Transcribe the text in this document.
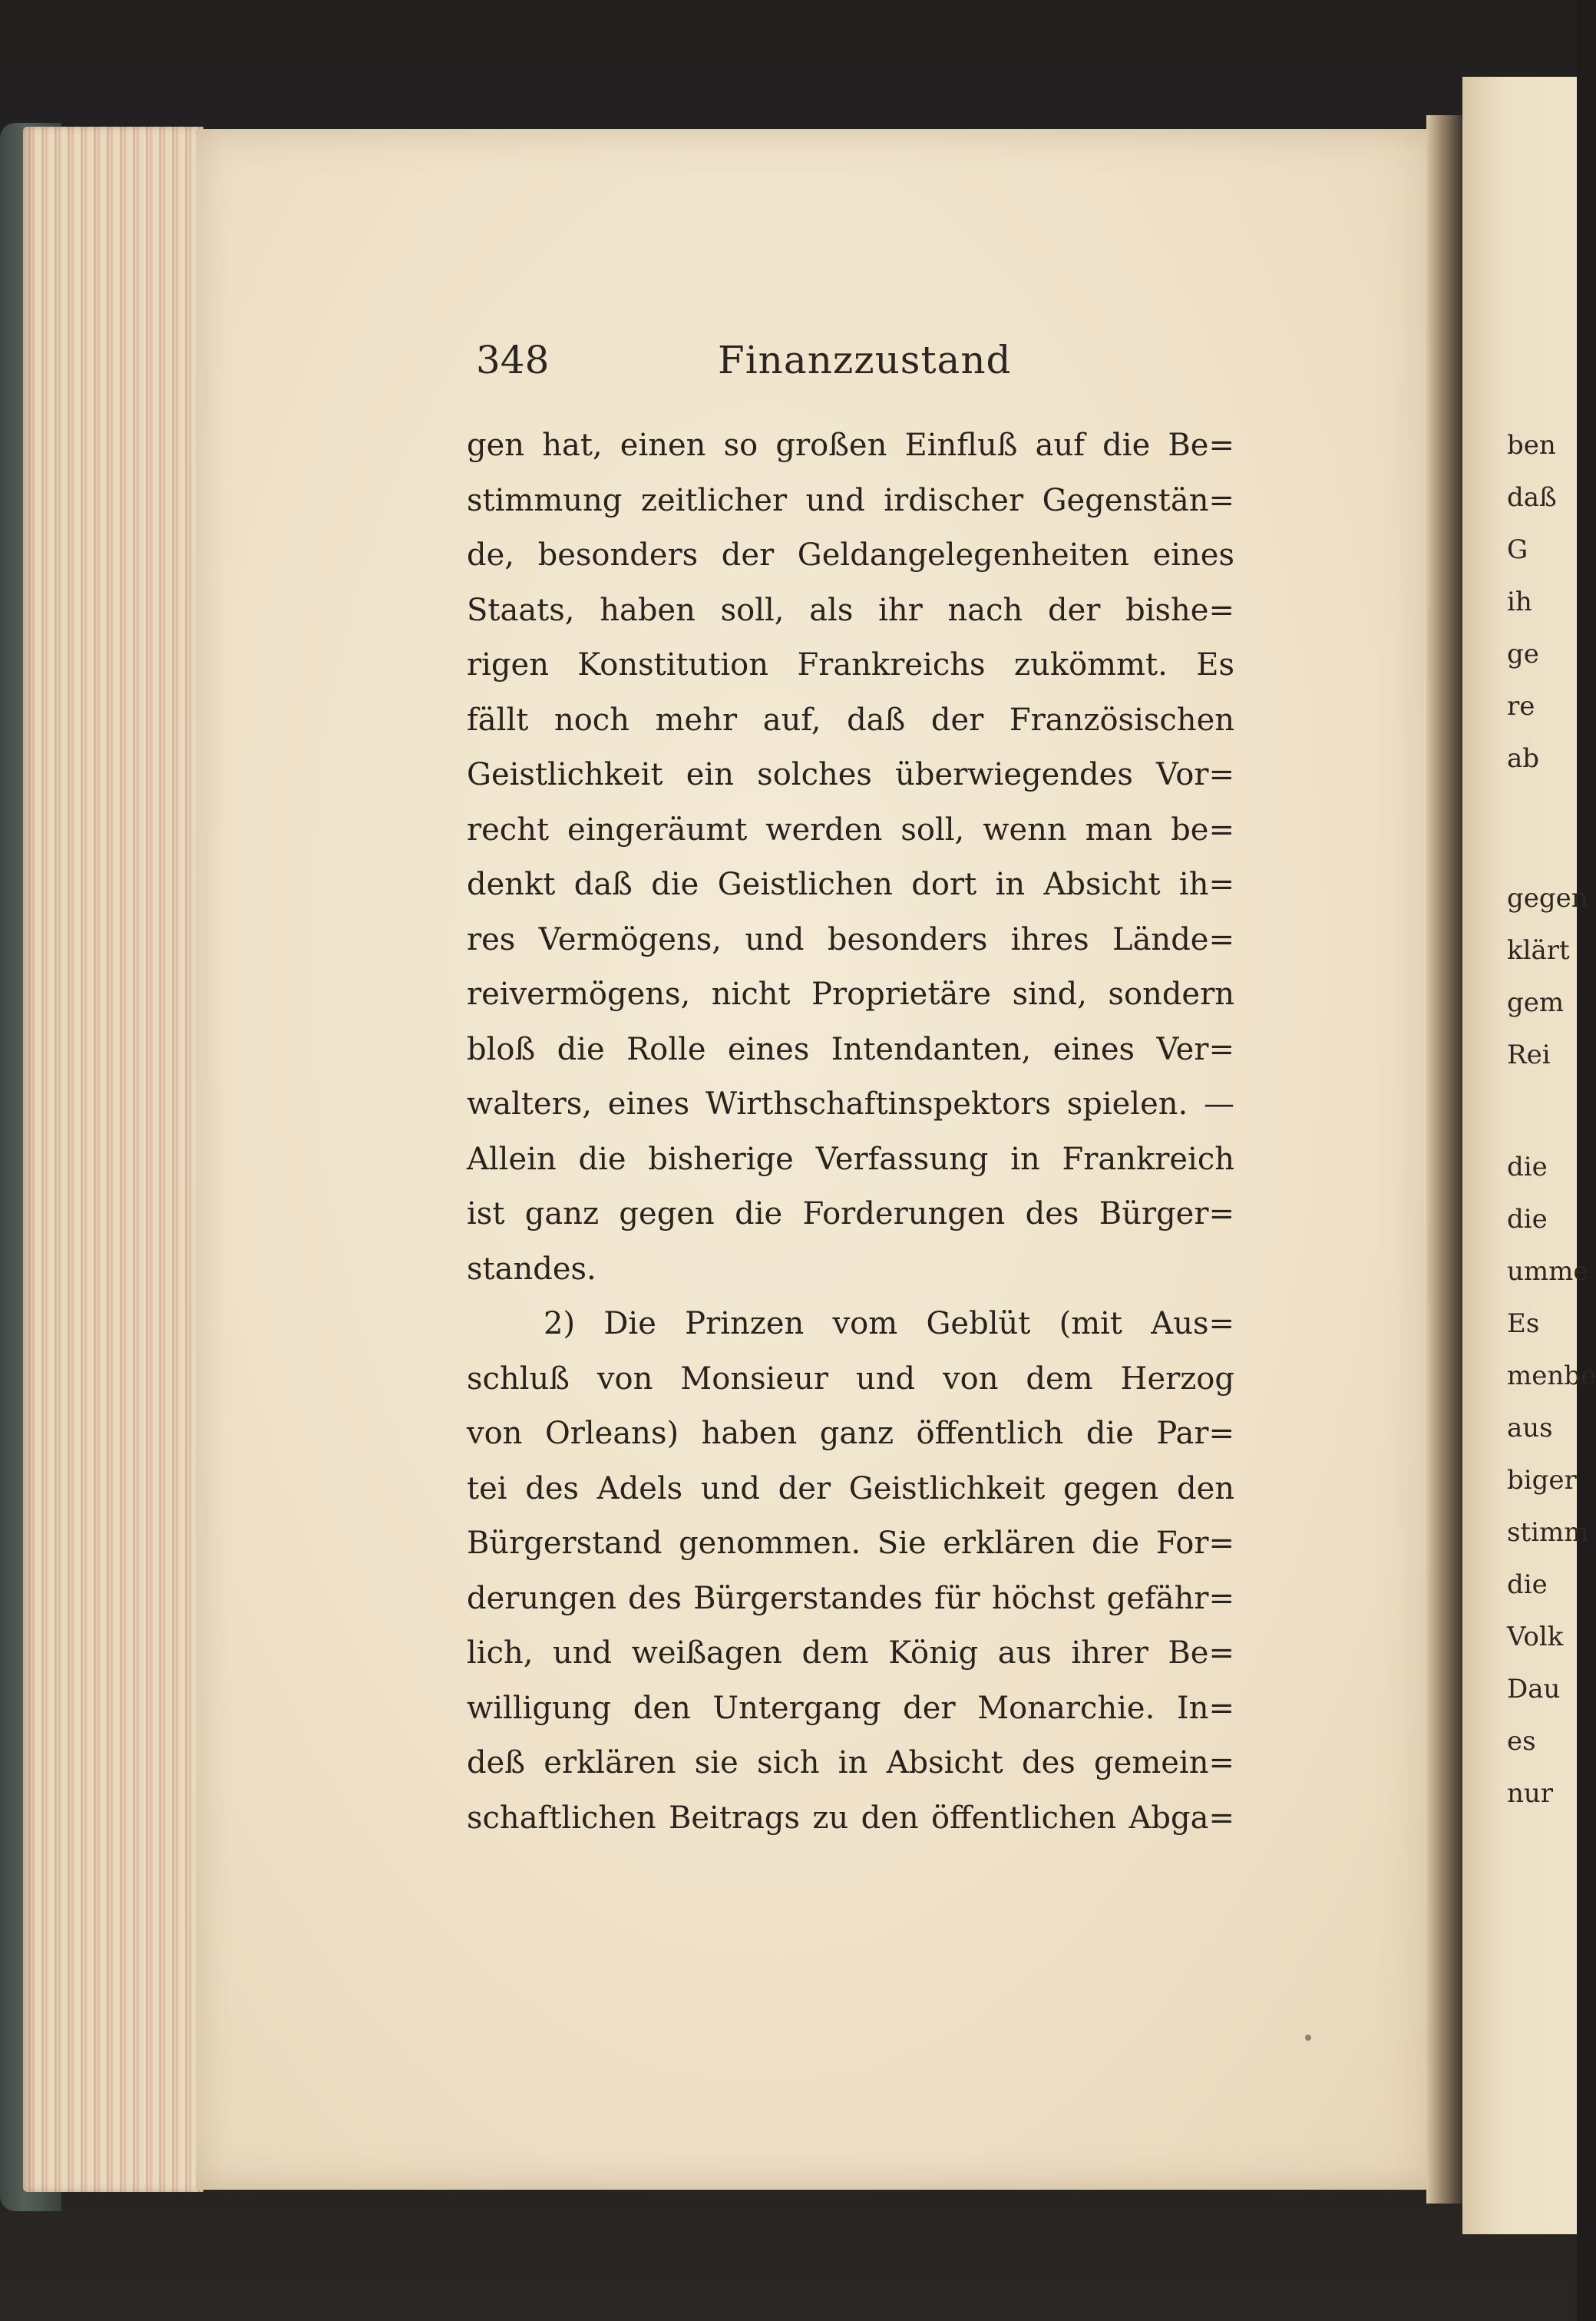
348	Finanzzustand
gen hat, einen so großen Einfluß auf die Be=
stimmung zeitlicher und irdischer Gegenstän=
de, besonders der Geldangelegenheiten eines
Staats, haben soll, als ihr nach der bishe=
rigen Konstitution Frankreichs zukömmt. Es
fällt noch mehr auf, daß der Französischen
Geistlichkeit ein solches überwiegendes Vor=
recht eingeräumt werden soll, wenn man be=
denkt daß die Geistlichen dort in Absicht ih=
res Vermögens, und besonders ihres Lände=
reivermögens, nicht Proprietäre sind, sondern
bloß die Rolle eines Intendanten, eines Ver=
walters, eines Wirthschaftinspektors spielen. —
Allein die bisherige Verfassung in Frankreich
ist ganz gegen die Forderungen des Bürger=
standes.
2) Die Prinzen vom Geblüt (mit Aus=
schluß von Monsieur und von dem Herzog
von Orleans) haben ganz öffentlich die Par=
tei des Adels und der Geistlichkeit gegen den
Bürgerstand genommen. Sie erklären die For=
derungen des Bürgerstandes für höchst gefähr=
lich, und weißagen dem König aus ihrer Be=
willigung den Untergang der Monarchie. In=
deß erklären sie sich in Absicht des gemein=
schaftlichen Beitrags zu den öffentlichen Abga=
ben
daß
G
ih
ge
re
ab
gegen
klärt
gem
Rei
die
die
umme
Es
menbe
aus
biger
stimm
die
Volk
Dau
es
nur
